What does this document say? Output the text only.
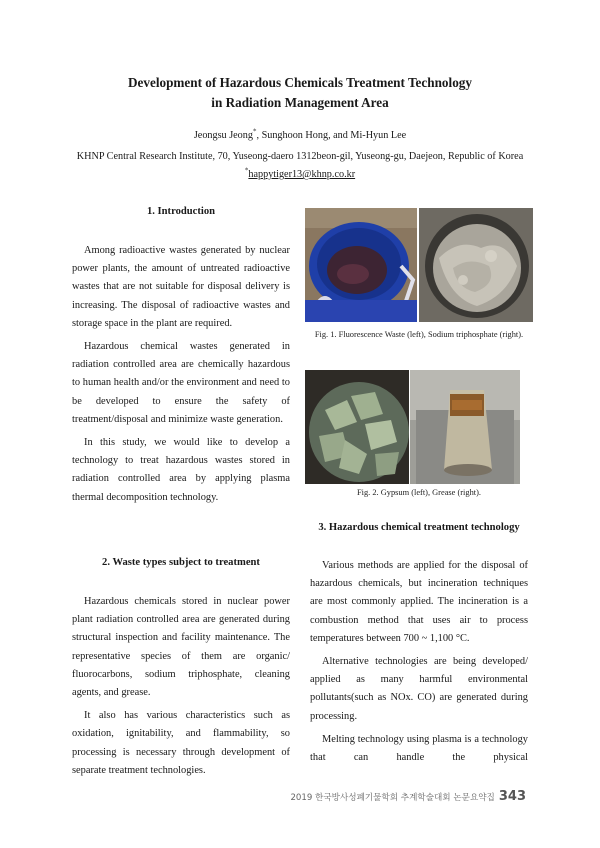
Development of Hazardous Chemicals Treatment Technology
in Radiation Management Area
Jeongsu Jeong*, Sunghoon Hong, and Mi-Hyun Lee
KHNP Central Research Institute, 70, Yuseong-daero 1312beon-gil, Yuseong-gu, Daejeon, Republic of Korea
*happytiger13@khnp.co.kr
1. Introduction

Among radioactive wastes generated by nuclear power plants, the amount of untreated radioactive wastes that are not suitable for disposal delivery is increasing. The disposal of radioactive wastes and storage space in the plant are required.

Hazardous chemical wastes generated in radiation controlled area are chemically hazardous to human health and/or the environment and need to be developed to ensure the safety of treatment/disposal and minimize waste generation.

In this study, we would like to develop a technology to treat hazardous wastes stored in radiation controlled area by applying plasma thermal decomposition technology.

2. Waste types subject to treatment

Hazardous chemicals stored in nuclear power plant radiation controlled area are generated during structural inspection and facility maintenance. The representative species of them are organic/ fluorocarbons, sodium triphosphate, cleaning agents, and grease.

It also has various characteristics such as oxidation, ignitability, and flammability, so processing is necessary through development of separate treatment technologies.

Fig. 1. Fluorescence Waste (left), Sodium triphosphate (right).
Fig. 2. Gypsum (left), Grease (right).
3. Hazardous chemical treatment technology

Various methods are applied for the disposal of hazardous chemicals, but incineration techniques are most commonly applied. The incineration is a combustion method that uses air to process temperatures between 700 ~ 1,100 °C.

Alternative technologies are being developed/ applied as many harmful environmental pollutants(such as NOx. CO) are generated during processing.

Melting technology using plasma is a technology that can handle the physical

2019 한국방사성폐기물학회 추계학술대회 논문요약집 343
